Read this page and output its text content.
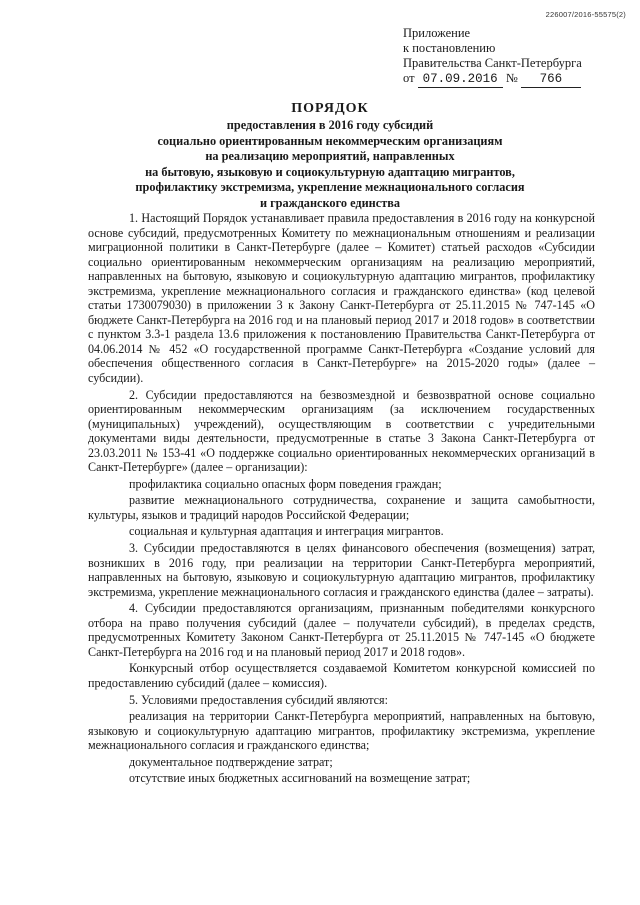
226007/2016-55575(2)
Приложение
к постановлению
Правительства Санкт-Петербурга
от 07.09.2016 № 766
ПОРЯДОК
предоставления в 2016 году субсидий
социально ориентированным некоммерческим организациям
на реализацию мероприятий, направленных
на бытовую, языковую и социокультурную адаптацию мигрантов,
профилактику экстремизма, укрепление межнационального согласия
и гражданского единства

1. Настоящий Порядок устанавливает правила предоставления в 2016 году на конкурсной основе субсидий, предусмотренных Комитету по межнациональным отношениям и реализации миграционной политики в Санкт-Петербурге (далее – Комитет) статьей расходов «Субсидии социально ориентированным некоммерческим организациям на реализацию мероприятий, направленных на бытовую, языковую и социокультурную адаптацию мигрантов, профилактику экстремизма, укрепление межнационального согласия и гражданского единства» (код целевой статьи 1730079030) в приложении 3 к Закону Санкт-Петербурга от 25.11.2015 № 747-145 «О бюджете Санкт-Петербурга на 2016 год и на плановый период 2017 и 2018 годов» в соответствии с пунктом 3.3-1 раздела 13.6 приложения к постановлению Правительства Санкт-Петербурга от 04.06.2014 № 452 «О государственной программе Санкт-Петербурга «Создание условий для обеспечения общественного согласия в Санкт-Петербурге» на 2015-2020 годы» (далее – субсидии).

2. Субсидии предоставляются на безвозмездной и безвозвратной основе социально ориентированным некоммерческим организациям (за исключением государственных (муниципальных) учреждений), осуществляющим в соответствии с учредительными документами виды деятельности, предусмотренные в статье 3 Закона Санкт-Петербурга от 23.03.2011 № 153-41 «О поддержке социально ориентированных некоммерческих организаций в Санкт-Петербурге» (далее – организации):

профилактика социально опасных форм поведения граждан;

развитие межнационального сотрудничества, сохранение и защита самобытности, культуры, языков и традиций народов Российской Федерации;

социальная и культурная адаптация и интеграция мигрантов.

3. Субсидии предоставляются в целях финансового обеспечения (возмещения) затрат, возникших в 2016 году, при реализации на территории Санкт-Петербурга мероприятий, направленных на бытовую, языковую и социокультурную адаптацию мигрантов, профилактику экстремизма, укрепление межнационального согласия и гражданского единства (далее – затраты).

4. Субсидии предоставляются организациям, признанным победителями конкурсного отбора на право получения субсидий (далее – получатели субсидий), в пределах средств, предусмотренных Комитету Законом Санкт-Петербурга от 25.11.2015 № 747-145 «О бюджете Санкт-Петербурга на 2016 год и на плановый период 2017 и 2018 годов».

Конкурсный отбор осуществляется создаваемой Комитетом конкурсной комиссией по предоставлению субсидий (далее – комиссия).

5. Условиями предоставления субсидий являются:

реализация на территории Санкт-Петербурга мероприятий, направленных на бытовую, языковую и социокультурную адаптацию мигрантов, профилактику экстремизма, укрепление межнационального согласия и гражданского единства;

документальное подтверждение затрат;

отсутствие иных бюджетных ассигнований на возмещение затрат;
